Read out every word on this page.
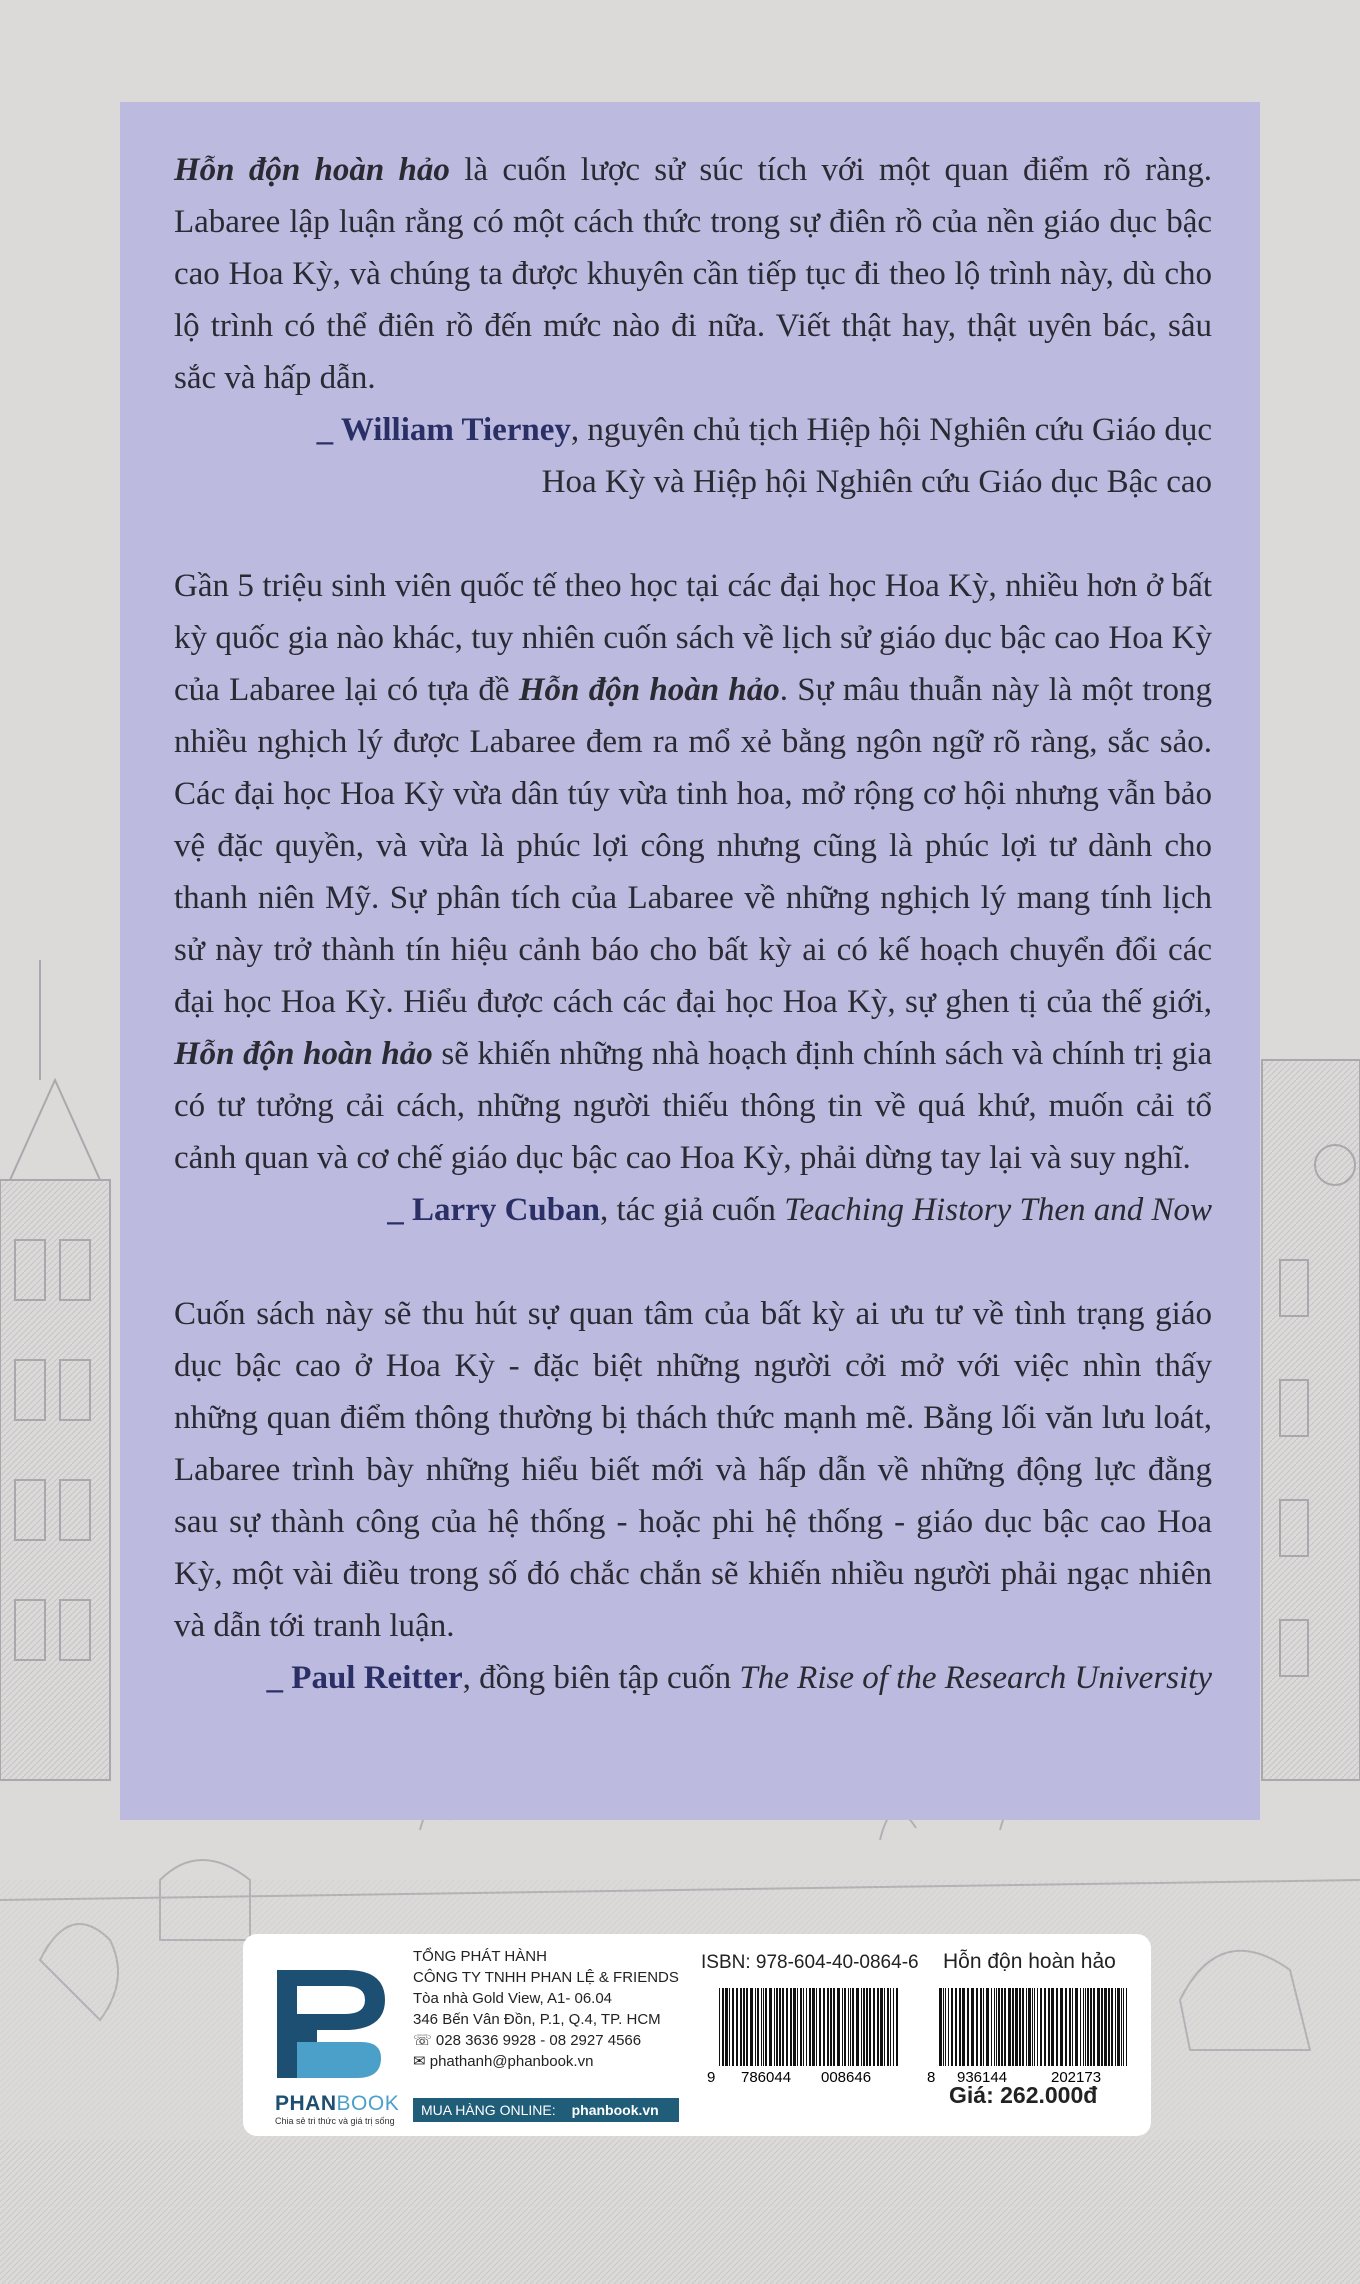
Hỗn độn hoàn hảo là cuốn lược sử súc tích với một quan điểm rõ ràng. Labaree lập luận rằng có một cách thức trong sự điên rồ của nền giáo dục bậc cao Hoa Kỳ, và chúng ta được khuyên cần tiếp tục đi theo lộ trình này, dù cho lộ trình có thể điên rồ đến mức nào đi nữa. Viết thật hay, thật uyên bác, sâu sắc và hấp dẫn.

_ William Tierney, nguyên chủ tịch Hiệp hội Nghiên cứu Giáo dục

Hoa Kỳ và Hiệp hội Nghiên cứu Giáo dục Bậc cao

Gần 5 triệu sinh viên quốc tế theo học tại các đại học Hoa Kỳ, nhiều hơn ở bất kỳ quốc gia nào khác, tuy nhiên cuốn sách về lịch sử giáo dục bậc cao Hoa Kỳ của Labaree lại có tựa đề Hỗn độn hoàn hảo. Sự mâu thuẫn này là một trong nhiều nghịch lý được Labaree đem ra mổ xẻ bằng ngôn ngữ rõ ràng, sắc sảo. Các đại học Hoa Kỳ vừa dân túy vừa tinh hoa, mở rộng cơ hội nhưng vẫn bảo vệ đặc quyền, và vừa là phúc lợi công nhưng cũng là phúc lợi tư dành cho thanh niên Mỹ. Sự phân tích của Labaree về những nghịch lý mang tính lịch sử này trở thành tín hiệu cảnh báo cho bất kỳ ai có kế hoạch chuyển đổi các đại học Hoa Kỳ. Hiểu được cách các đại học Hoa Kỳ, sự ghen tị của thế giới, Hỗn độn hoàn hảo sẽ khiến những nhà hoạch định chính sách và chính trị gia có tư tưởng cải cách, những người thiếu thông tin về quá khứ, muốn cải tổ cảnh quan và cơ chế giáo dục bậc cao Hoa Kỳ, phải dừng tay lại và suy nghĩ.

_ Larry Cuban, tác giả cuốn Teaching History Then and Now

Cuốn sách này sẽ thu hút sự quan tâm của bất kỳ ai ưu tư về tình trạng giáo dục bậc cao ở Hoa Kỳ - đặc biệt những người cởi mở với việc nhìn thấy những quan điểm thông thường bị thách thức mạnh mẽ. Bằng lối văn lưu loát, Labaree trình bày những hiểu biết mới và hấp dẫn về những động lực đằng sau sự thành công của hệ thống - hoặc phi hệ thống - giáo dục bậc cao Hoa Kỳ, một vài điều trong số đó chắc chắn sẽ khiến nhiều người phải ngạc nhiên và dẫn tới tranh luận.

_ Paul Reitter, đồng biên tập cuốn The Rise of the Research University

PHANBOOK
Chia sẻ tri thức và giá trị sống
TỔNG PHÁT HÀNH
CÔNG TY TNHH PHAN LỆ & FRIENDS
Tòa nhà Gold View, A1- 06.04
346 Bến Vân Đồn, P.1, Q.4, TP. HCM
☏ 028 3636 9928 - 08 2927 4566
✉ phathanh@phanbook.vn
MUA HÀNG ONLINE: phanbook.vn
ISBN: 978-604-40-0864-6 Hỗn độn hoàn hảo
9 786044 008646	8 936144	202173
Giá: 262.000đ
